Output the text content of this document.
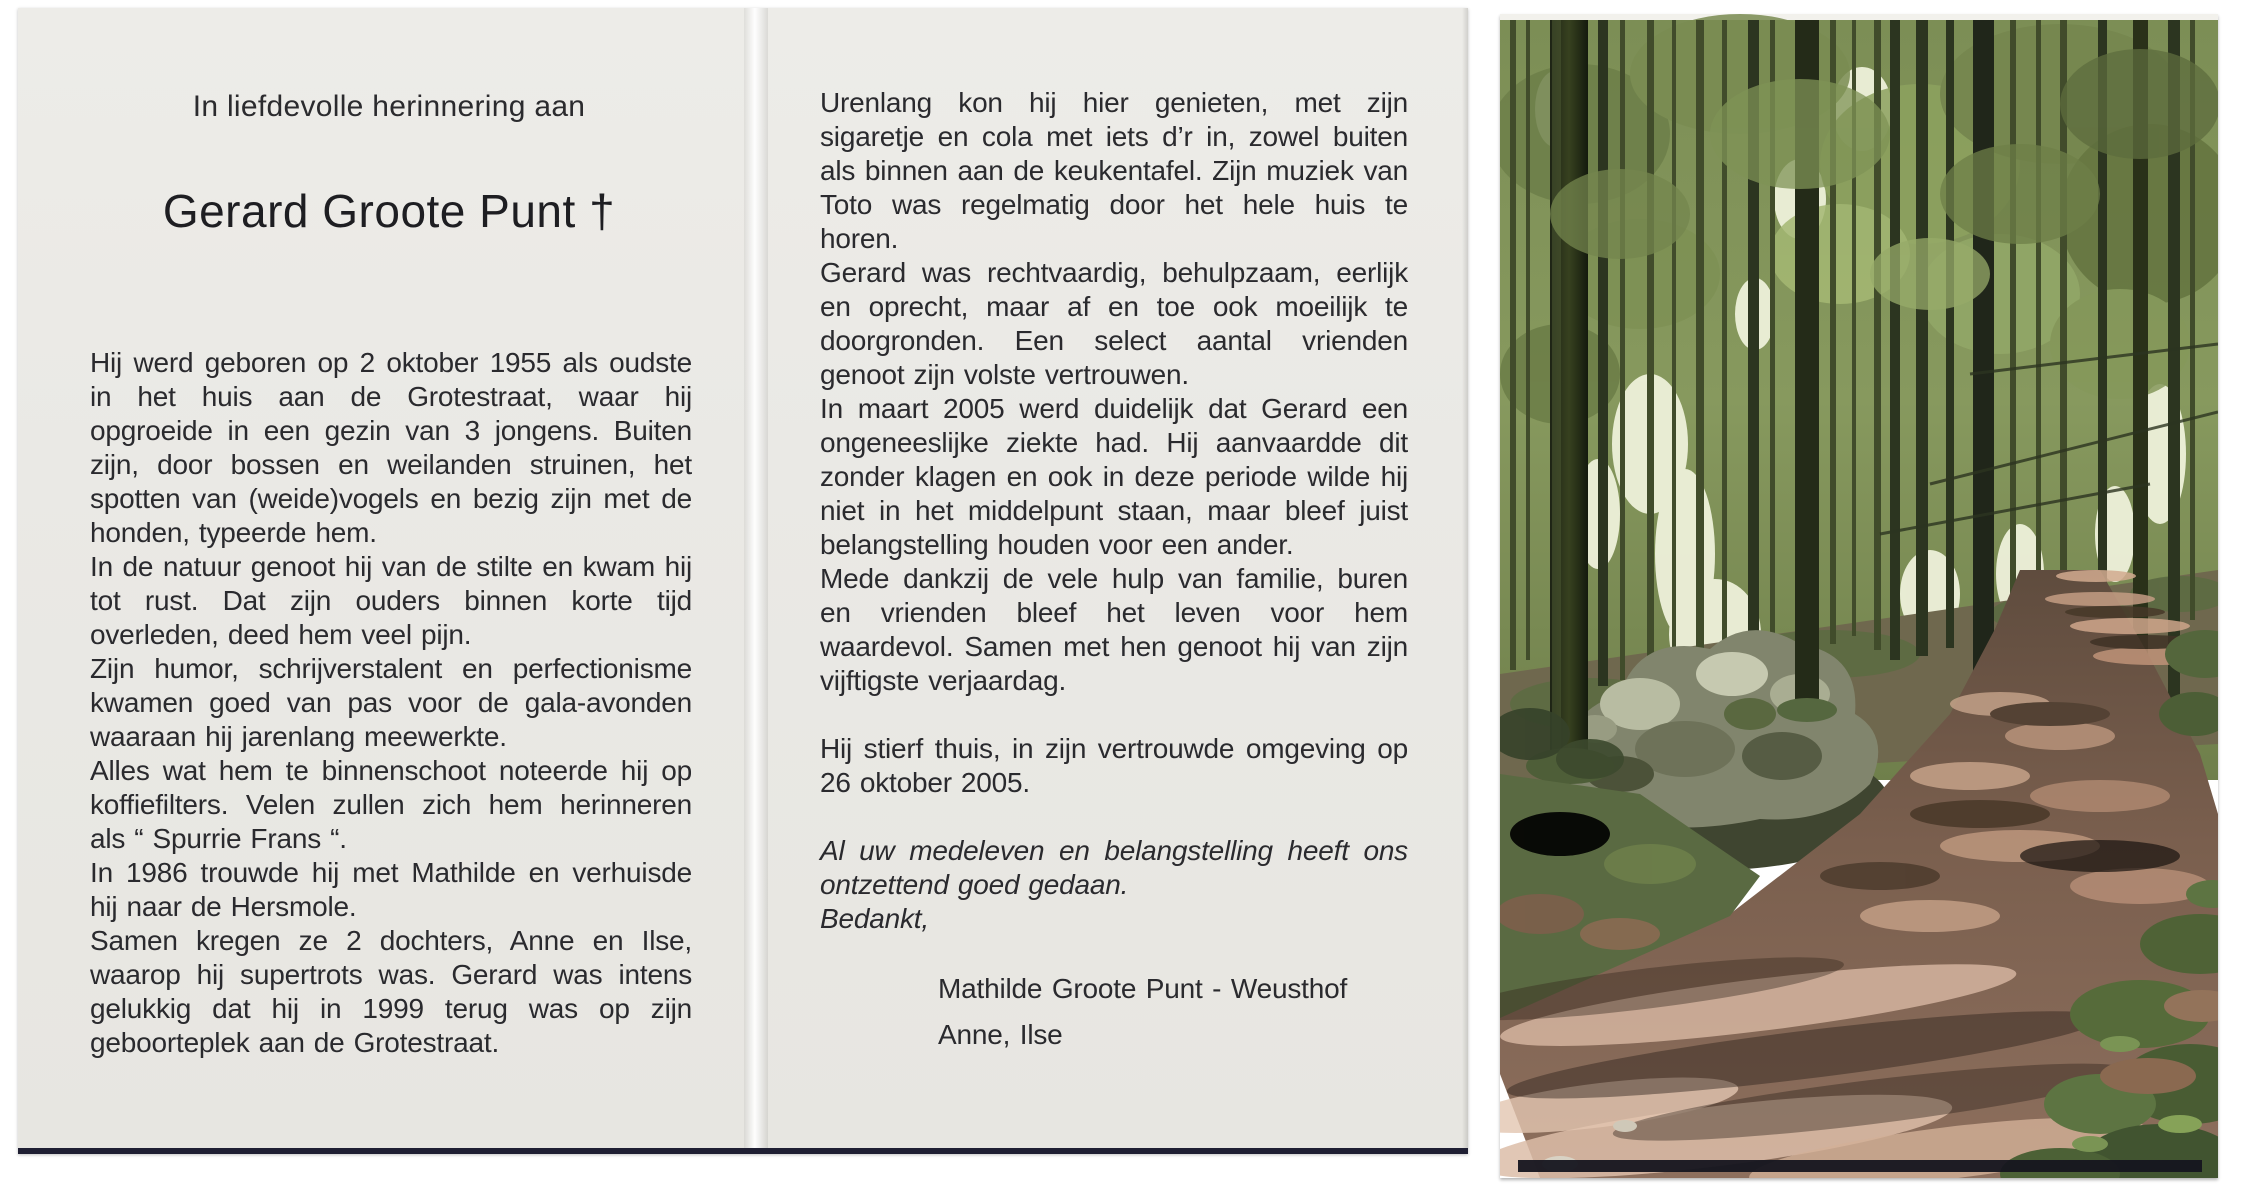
In liefdevolle herinnering aan
Gerard Groote Punt †

Hij werd geboren op 2 oktober 1955 als oudste in het huis aan de Grotestraat, waar hij opgroeide in een gezin van 3 jongens. Buiten zijn, door bossen en weilanden struinen, het spotten van (weide)vogels en bezig zijn met de honden, typeerde hem.

In de natuur genoot hij van de stilte en kwam hij tot rust. Dat zijn ouders binnen korte tijd overleden, deed hem veel pijn.

Zijn humor, schrijverstalent en perfectionisme kwamen goed van pas voor de gala-avonden waaraan hij jarenlang meewerkte.

Alles wat hem te binnenschoot noteerde hij op koffiefilters. Velen zullen zich hem herinneren als “ Spurrie Frans “.

In 1986 trouwde hij met Mathilde en verhuisde hij naar de Hersmole.

Samen kregen ze 2 dochters, Anne en Ilse, waarop hij supertrots was. Gerard was intens gelukkig dat hij in 1999 terug was op zijn geboorteplek aan de Grotestraat.

Urenlang kon hij hier genieten, met zijn sigaretje en cola met iets d’r in, zowel buiten als binnen aan de keukentafel. Zijn muziek van Toto was regelmatig door het hele huis te horen.

Gerard was rechtvaardig, behulpzaam, eerlijk en oprecht, maar af en toe ook moeilijk te doorgronden. Een select aantal vrienden genoot zijn volste vertrouwen.

In maart 2005 werd duidelijk dat Gerard een ongeneeslijke ziekte had. Hij aanvaardde dit zonder klagen en ook in deze periode wilde hij niet in het middelpunt staan, maar bleef juist belangstelling houden voor een ander.

Mede dankzij de vele hulp van familie, buren en vrienden bleef het leven voor hem waardevol. Samen met hen genoot hij van zijn vijftigste verjaardag.

Hij stierf thuis, in zijn vertrouwde omgeving op 26 oktober 2005.

Al uw medeleven en belangstelling heeft ons ontzettend goed gedaan.

Bedankt,

Mathilde Groote Punt - Weusthof
Anne, Ilse
